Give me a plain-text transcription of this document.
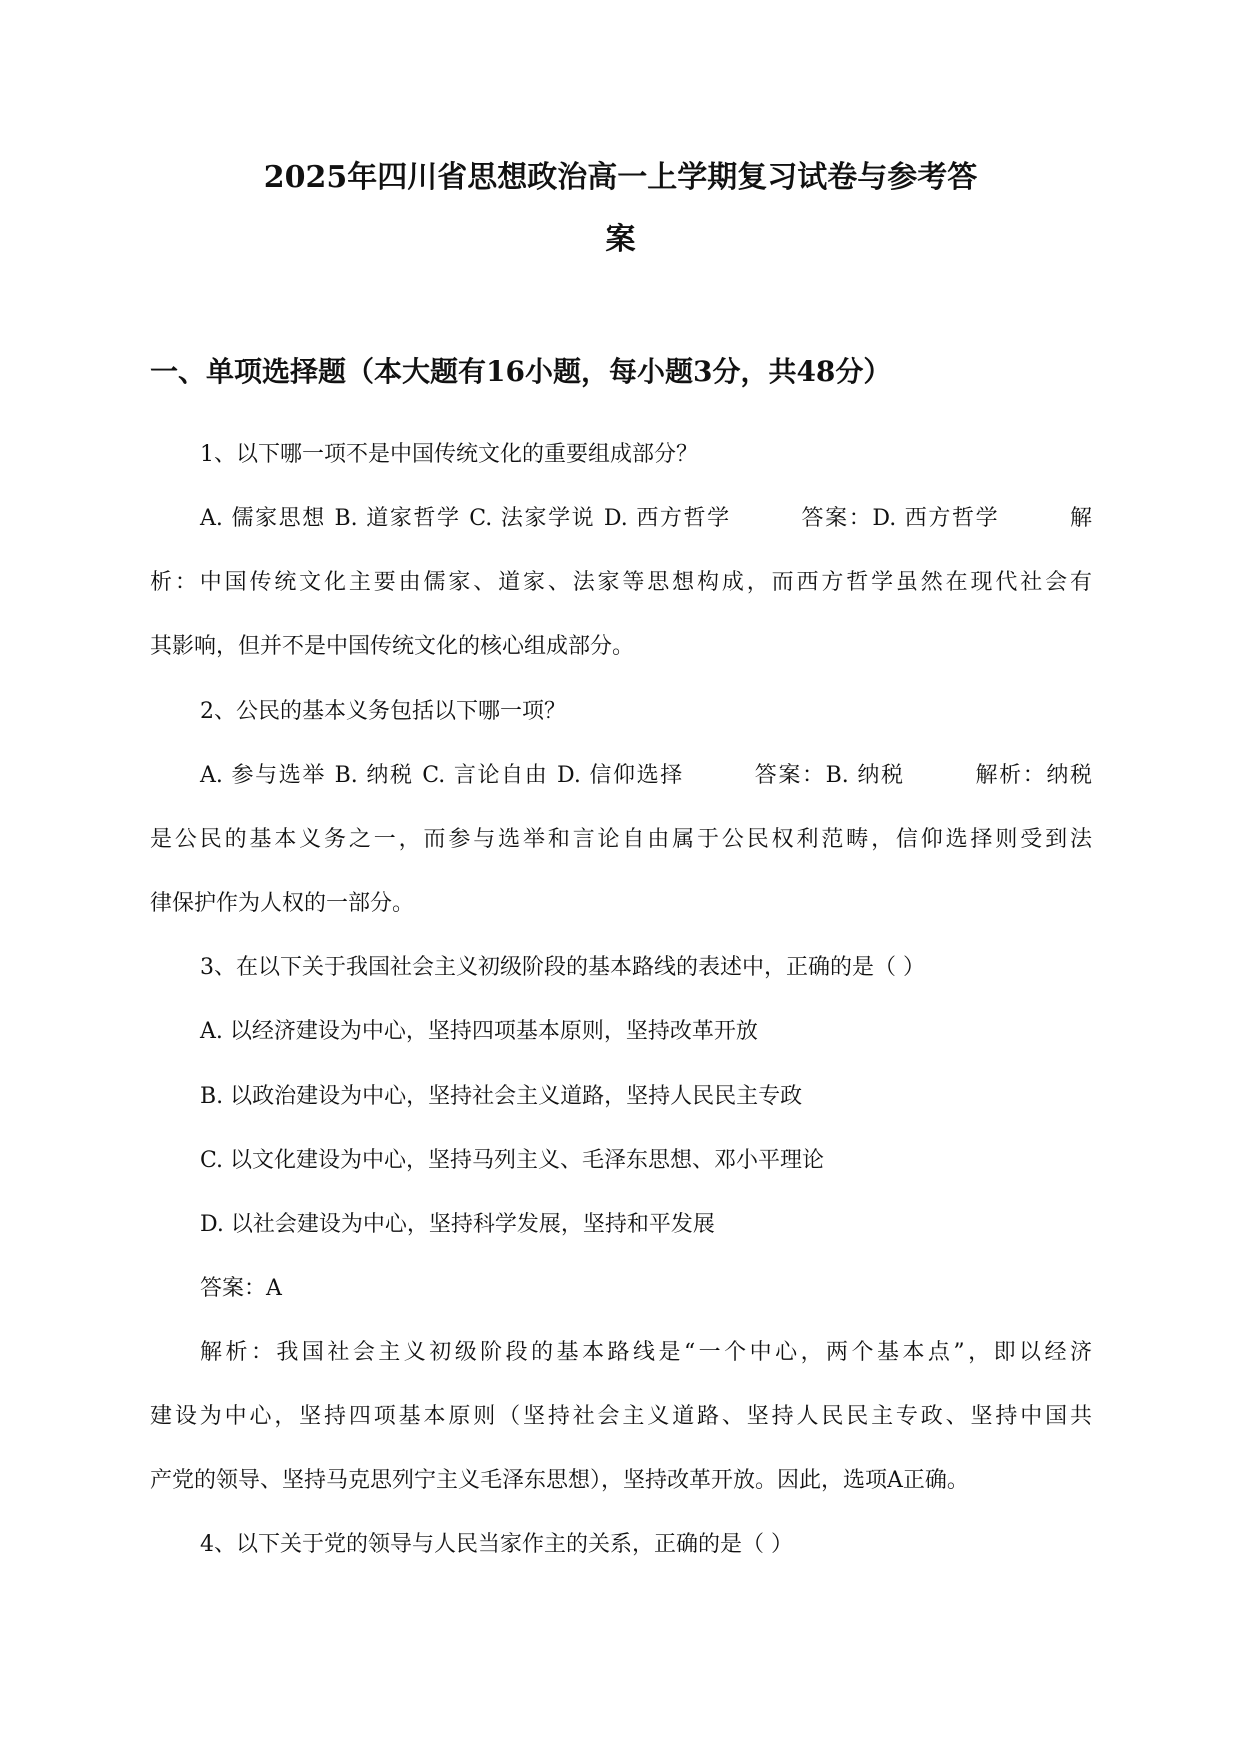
2025年四川省思想政治高一上学期复习试卷与参考答
案
一、单项选择题（本大题有16小题，每小题3分，共48分）
1、以下哪一项不是中国传统文化的重要组成部分？
A. 儒家思想 B. 道家哲学 C. 法家学说 D. 西方哲学　　　答案：D. 西方哲学　　　解
析：中国传统文化主要由儒家、道家、法家等思想构成，而西方哲学虽然在现代社会有
其影响，但并不是中国传统文化的核心组成部分。
2、公民的基本义务包括以下哪一项？
A. 参与选举 B. 纳税 C. 言论自由 D. 信仰选择　　　答案：B. 纳税　　　解析：纳税
是公民的基本义务之一，而参与选举和言论自由属于公民权利范畴，信仰选择则受到法
律保护作为人权的一部分。
3、在以下关于我国社会主义初级阶段的基本路线的表述中，正确的是（ ）
A. 以经济建设为中心，坚持四项基本原则，坚持改革开放
B. 以政治建设为中心，坚持社会主义道路，坚持人民民主专政
C. 以文化建设为中心，坚持马列主义、毛泽东思想、邓小平理论
D. 以社会建设为中心，坚持科学发展，坚持和平发展
答案：A
解析：我国社会主义初级阶段的基本路线是“一个中心，两个基本点”，即以经济
建设为中心，坚持四项基本原则（坚持社会主义道路、坚持人民民主专政、坚持中国共
产党的领导、坚持马克思列宁主义毛泽东思想），坚持改革开放。因此，选项A正确。
4、以下关于党的领导与人民当家作主的关系，正确的是（ ）
